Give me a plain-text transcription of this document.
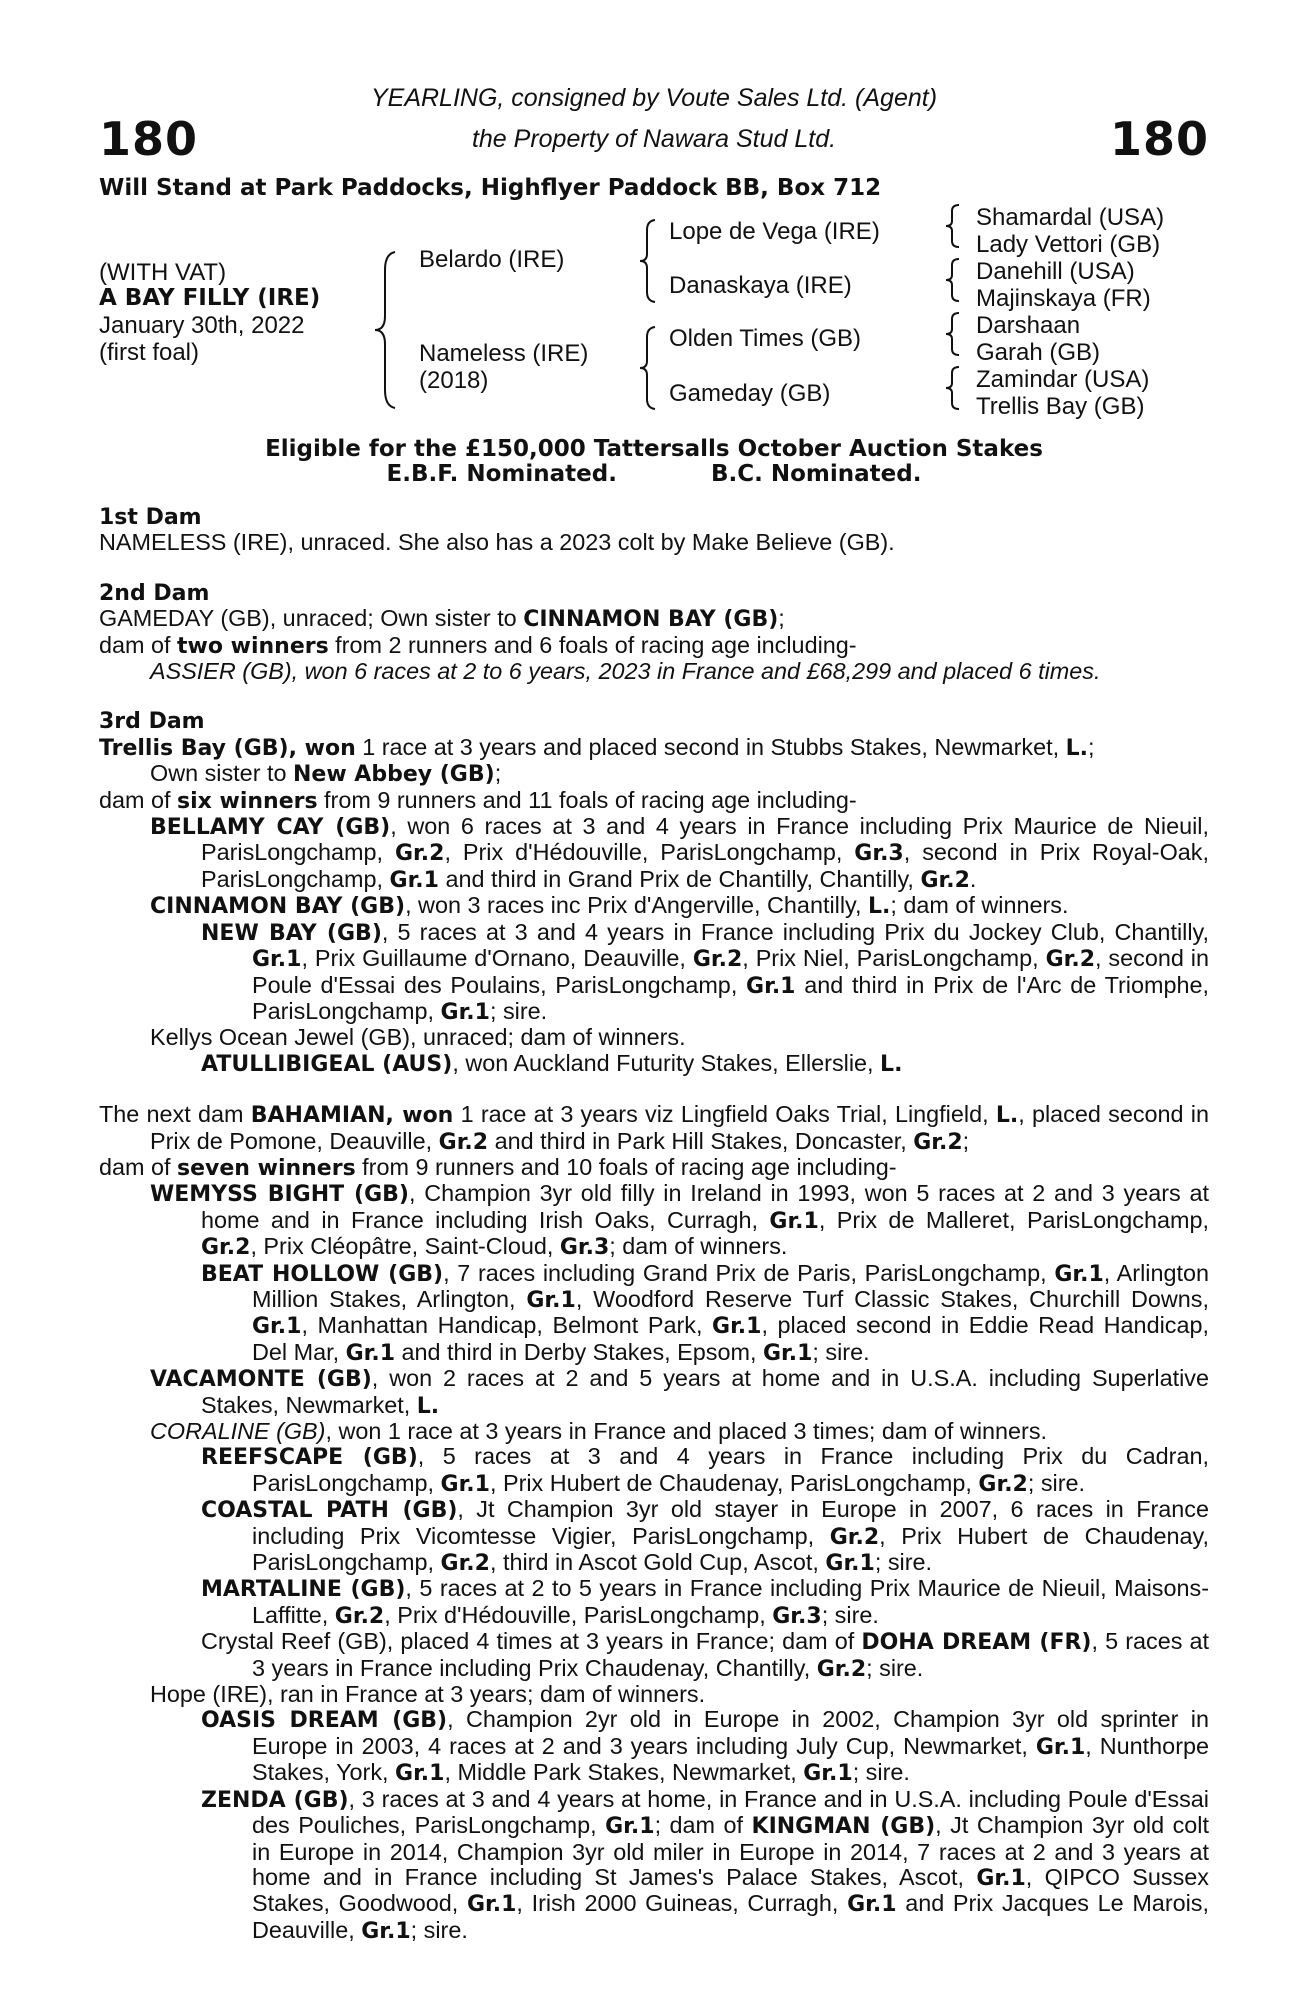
180	180
YEARLING, consigned by Voute Sales Ltd. (Agent)
the Property of Nawara Stud Ltd.
Will Stand at Park Paddocks, Highflyer Paddock BB, Box 712
(WITH VAT)
A BAY FILLY (IRE)
January 30th, 2022
(first foal)
Belardo (IRE)
Nameless (IRE)
(2018)
Lope de Vega (IRE)
Danaskaya (IRE)
Olden Times (GB)
Gameday (GB)
Shamardal (USA)
Lady Vettori (GB)
Danehill (USA)
Majinskaya (FR)
Darshaan
Garah (GB)
Zamindar (USA)
Trellis Bay (GB)
Eligible for the £150,000 Tattersalls October Auction Stakes
E.B.F. Nominated.	B.C. Nominated.

1st Dam

NAMELESS (IRE), unraced. She also has a 2023 colt by Make Believe (GB).

2nd Dam

GAMEDAY (GB), unraced; Own sister to CINNAMON BAY (GB);

dam of two winners from 2 runners and 6 foals of racing age including-

ASSIER (GB), won 6 races at 2 to 6 years, 2023 in France and £68,299 and placed 6 times.

3rd Dam

Trellis Bay (GB), won 1 race at 3 years and placed second in Stubbs Stakes, Newmarket, L.;
Own sister to New Abbey (GB);

dam of six winners from 9 runners and 11 foals of racing age including-

BELLAMY CAY (GB), won 6 races at 3 and 4 years in France including Prix Maurice de Nieuil, ParisLongchamp, Gr.2, Prix d'Hédouville, ParisLongchamp, Gr.3, second in Prix Royal-Oak, ParisLongchamp, Gr.1 and third in Grand Prix de Chantilly, Chantilly, Gr.2.

CINNAMON BAY (GB), won 3 races inc Prix d'Angerville, Chantilly, L.; dam of winners.

NEW BAY (GB), 5 races at 3 and 4 years in France including Prix du Jockey Club, Chantilly, Gr.1, Prix Guillaume d'Ornano, Deauville, Gr.2, Prix Niel, ParisLongchamp, Gr.2, second in Poule d'Essai des Poulains, ParisLongchamp, Gr.1 and third in Prix de l'Arc de Triomphe, ParisLongchamp, Gr.1; sire.

Kellys Ocean Jewel (GB), unraced; dam of winners.

ATULLIBIGEAL (AUS), won Auckland Futurity Stakes, Ellerslie, L.

The next dam BAHAMIAN, won 1 race at 3 years viz Lingfield Oaks Trial, Lingfield, L., placed second in Prix de Pomone, Deauville, Gr.2 and third in Park Hill Stakes, Doncaster, Gr.2;

dam of seven winners from 9 runners and 10 foals of racing age including-

WEMYSS BIGHT (GB), Champion 3yr old filly in Ireland in 1993, won 5 races at 2 and 3 years at home and in France including Irish Oaks, Curragh, Gr.1, Prix de Malleret, ParisLongchamp, Gr.2, Prix Cléopâtre, Saint-Cloud, Gr.3; dam of winners.

BEAT HOLLOW (GB), 7 races including Grand Prix de Paris, ParisLongchamp, Gr.1, Arlington Million Stakes, Arlington, Gr.1, Woodford Reserve Turf Classic Stakes, Churchill Downs, Gr.1, Manhattan Handicap, Belmont Park, Gr.1, placed second in Eddie Read Handicap, Del Mar, Gr.1 and third in Derby Stakes, Epsom, Gr.1; sire.

VACAMONTE (GB), won 2 races at 2 and 5 years at home and in U.S.A. including Superlative Stakes, Newmarket, L.

CORALINE (GB), won 1 race at 3 years in France and placed 3 times; dam of winners.

REEFSCAPE (GB), 5 races at 3 and 4 years in France including Prix du Cadran, ParisLongchamp, Gr.1, Prix Hubert de Chaudenay, ParisLongchamp, Gr.2; sire.

COASTAL PATH (GB), Jt Champion 3yr old stayer in Europe in 2007, 6 races in France including Prix Vicomtesse Vigier, ParisLongchamp, Gr.2, Prix Hubert de Chaudenay, ParisLongchamp, Gr.2, third in Ascot Gold Cup, Ascot, Gr.1; sire.

MARTALINE (GB), 5 races at 2 to 5 years in France including Prix Maurice de Nieuil, Maisons-Laffitte, Gr.2, Prix d'Hédouville, ParisLongchamp, Gr.3; sire.

Crystal Reef (GB), placed 4 times at 3 years in France; dam of DOHA DREAM (FR), 5 races at 3 years in France including Prix Chaudenay, Chantilly, Gr.2; sire.

Hope (IRE), ran in France at 3 years; dam of winners.

OASIS DREAM (GB), Champion 2yr old in Europe in 2002, Champion 3yr old sprinter in Europe in 2003, 4 races at 2 and 3 years including July Cup, Newmarket, Gr.1, Nunthorpe Stakes, York, Gr.1, Middle Park Stakes, Newmarket, Gr.1; sire.

ZENDA (GB), 3 races at 3 and 4 years at home, in France and in U.S.A. including Poule d'Essai des Pouliches, ParisLongchamp, Gr.1; dam of KINGMAN (GB), Jt Champion 3yr old colt in Europe in 2014, Champion 3yr old miler in Europe in 2014, 7 races at 2 and 3 years at home and in France including St James's Palace Stakes, Ascot, Gr.1, QIPCO Sussex Stakes, Goodwood, Gr.1, Irish 2000 Guineas, Curragh, Gr.1 and Prix Jacques Le Marois, Deauville, Gr.1; sire.
